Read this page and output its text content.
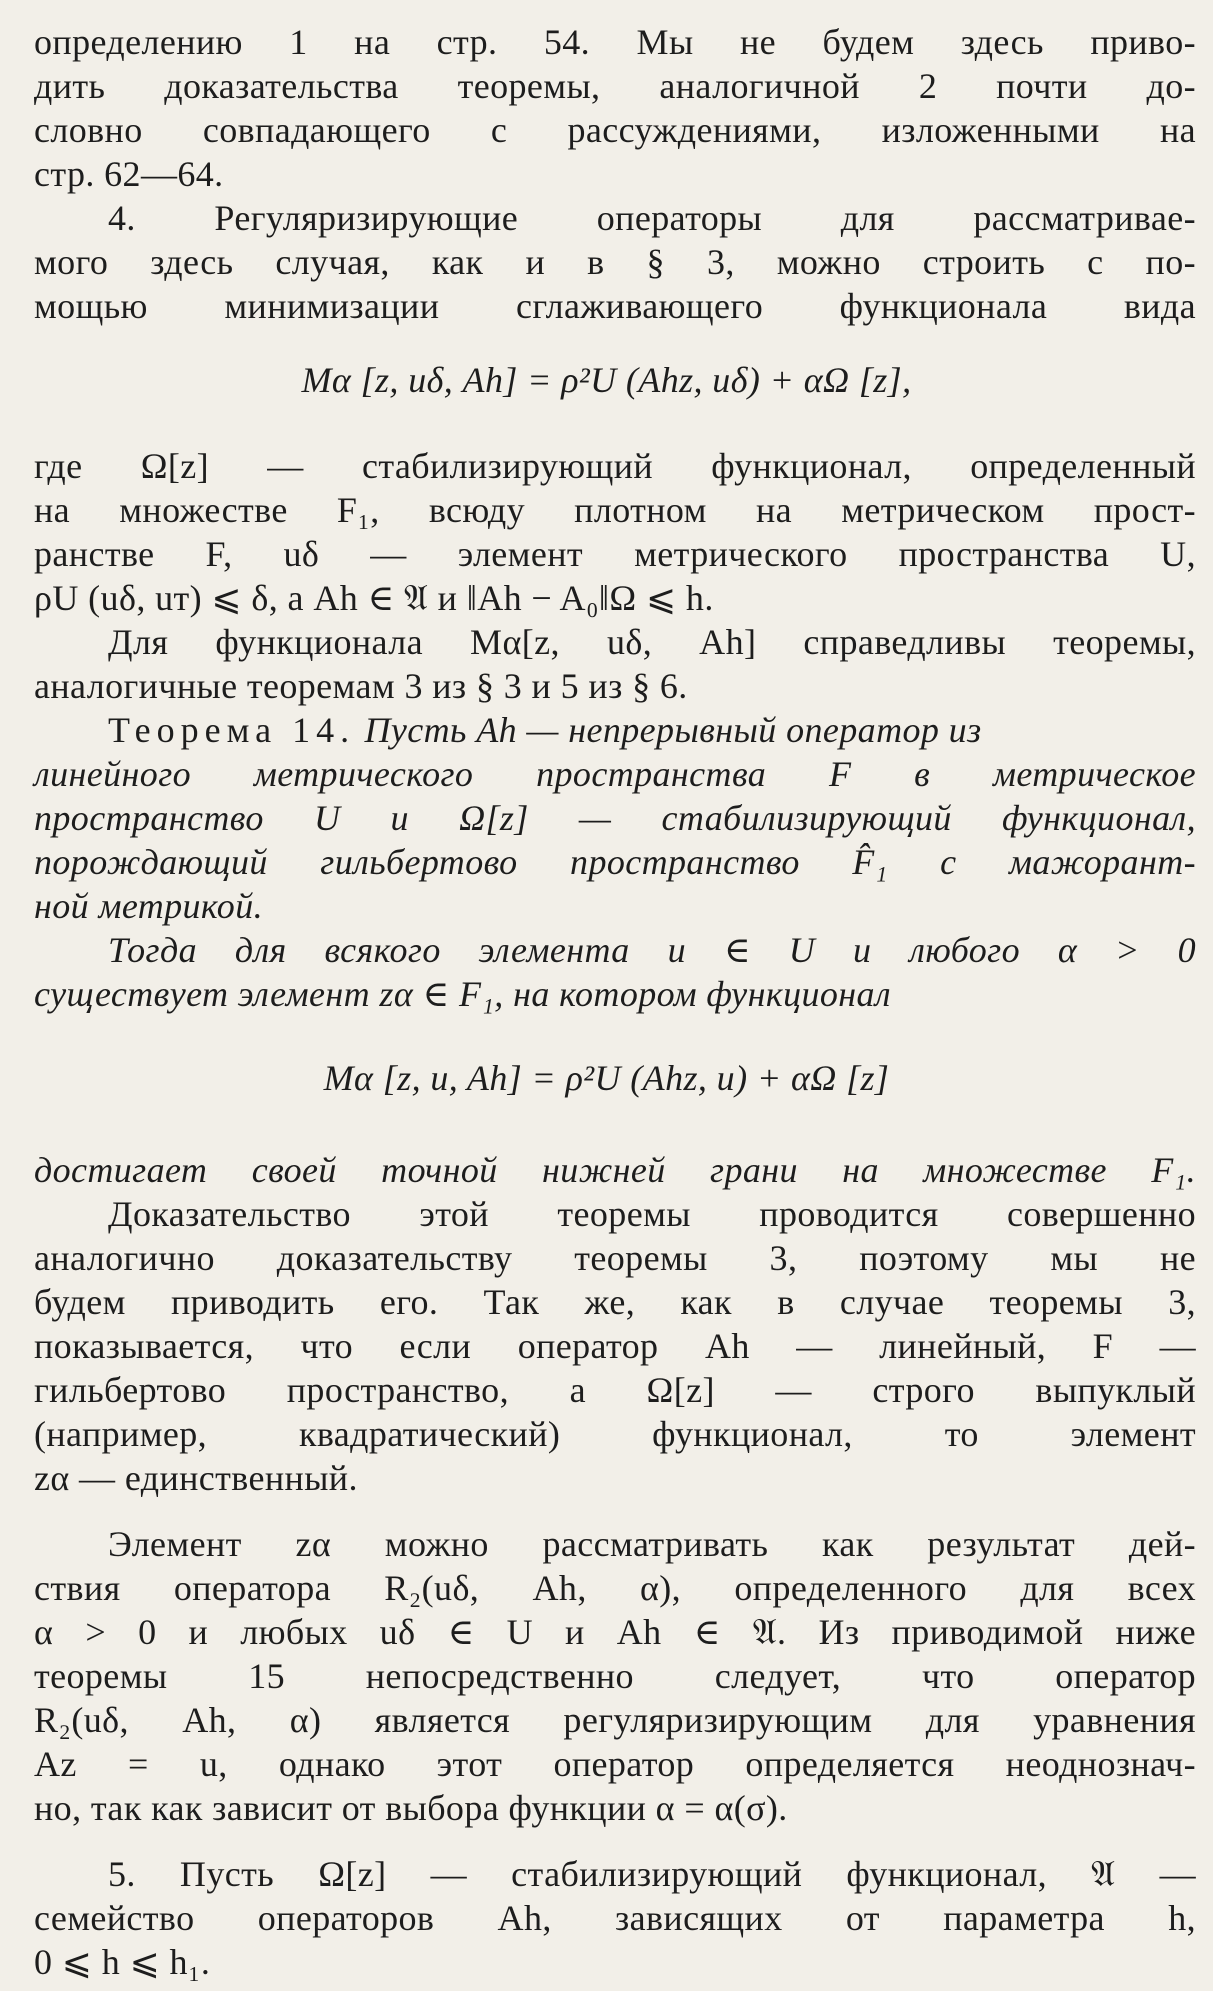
определению 1 на стр. 54. Мы не будем здесь приво-
дить доказательства теоремы, аналогичной 2 почти до-
словно совпадающего с рассуждениями, изложенными на
стр. 62—64.
4. Регуляризирующие операторы для рассматривае-
мого здесь случая, как и в § 3, можно строить с по-
мощью минимизации сглаживающего функционала вида
Mα [z, uδ, Ah] = ρ²U (Ahz, uδ) + αΩ [z],
где Ω[z] — стабилизирующий функционал, определенный
на множестве F₁, всюду плотном на метрическом прост-
ранстве F, uδ — элемент метрического пространства U,
ρU (uδ, uт) ⩽ δ, а Ah ∈ 𝔄 и ‖Ah − A₀‖Ω ⩽ h.
Для функционала Mα[z, uδ, Ah] справедливы теоремы,
аналогичные теоремам 3 из § 3 и 5 из § 6.
Теорема 14. Пусть Ah — непрерывный оператор из
линейного метрического пространства F в метрическое
пространство U и Ω[z] — стабилизирующий функционал,
порождающий гильбертово пространство F̂₁ с мажорант-
ной метрикой.
Тогда для всякого элемента u ∈ U и любого α > 0
существует элемент zα ∈ F₁, на котором функционал
Mα [z, u, Ah] = ρ²U (Ahz, u) + αΩ [z]
достигает своей точной нижней грани на множестве F₁.
Доказательство этой теоремы проводится совершенно
аналогично доказательству теоремы 3, поэтому мы не
будем приводить его. Так же, как в случае теоремы 3,
показывается, что если оператор Ah — линейный, F —
гильбертово пространство, а Ω[z] — строго выпуклый
(например, квадратический) функционал, то элемент
zα — единственный.
Элемент zα можно рассматривать как результат дей-
ствия оператора R₂(uδ, Ah, α), определенного для всех
α > 0 и любых uδ ∈ U и Ah ∈ 𝔄. Из приводимой ниже
теоремы 15 непосредственно следует, что оператор
R₂(uδ, Ah, α) является регуляризирующим для уравнения
Az = u, однако этот оператор определяется неоднознач-
но, так как зависит от выбора функции α = α(σ).
5. Пусть Ω[z] — стабилизирующий функционал, 𝔄 —
семейство операторов Ah, зависящих от параметра h,
0 ⩽ h ⩽ h₁.
